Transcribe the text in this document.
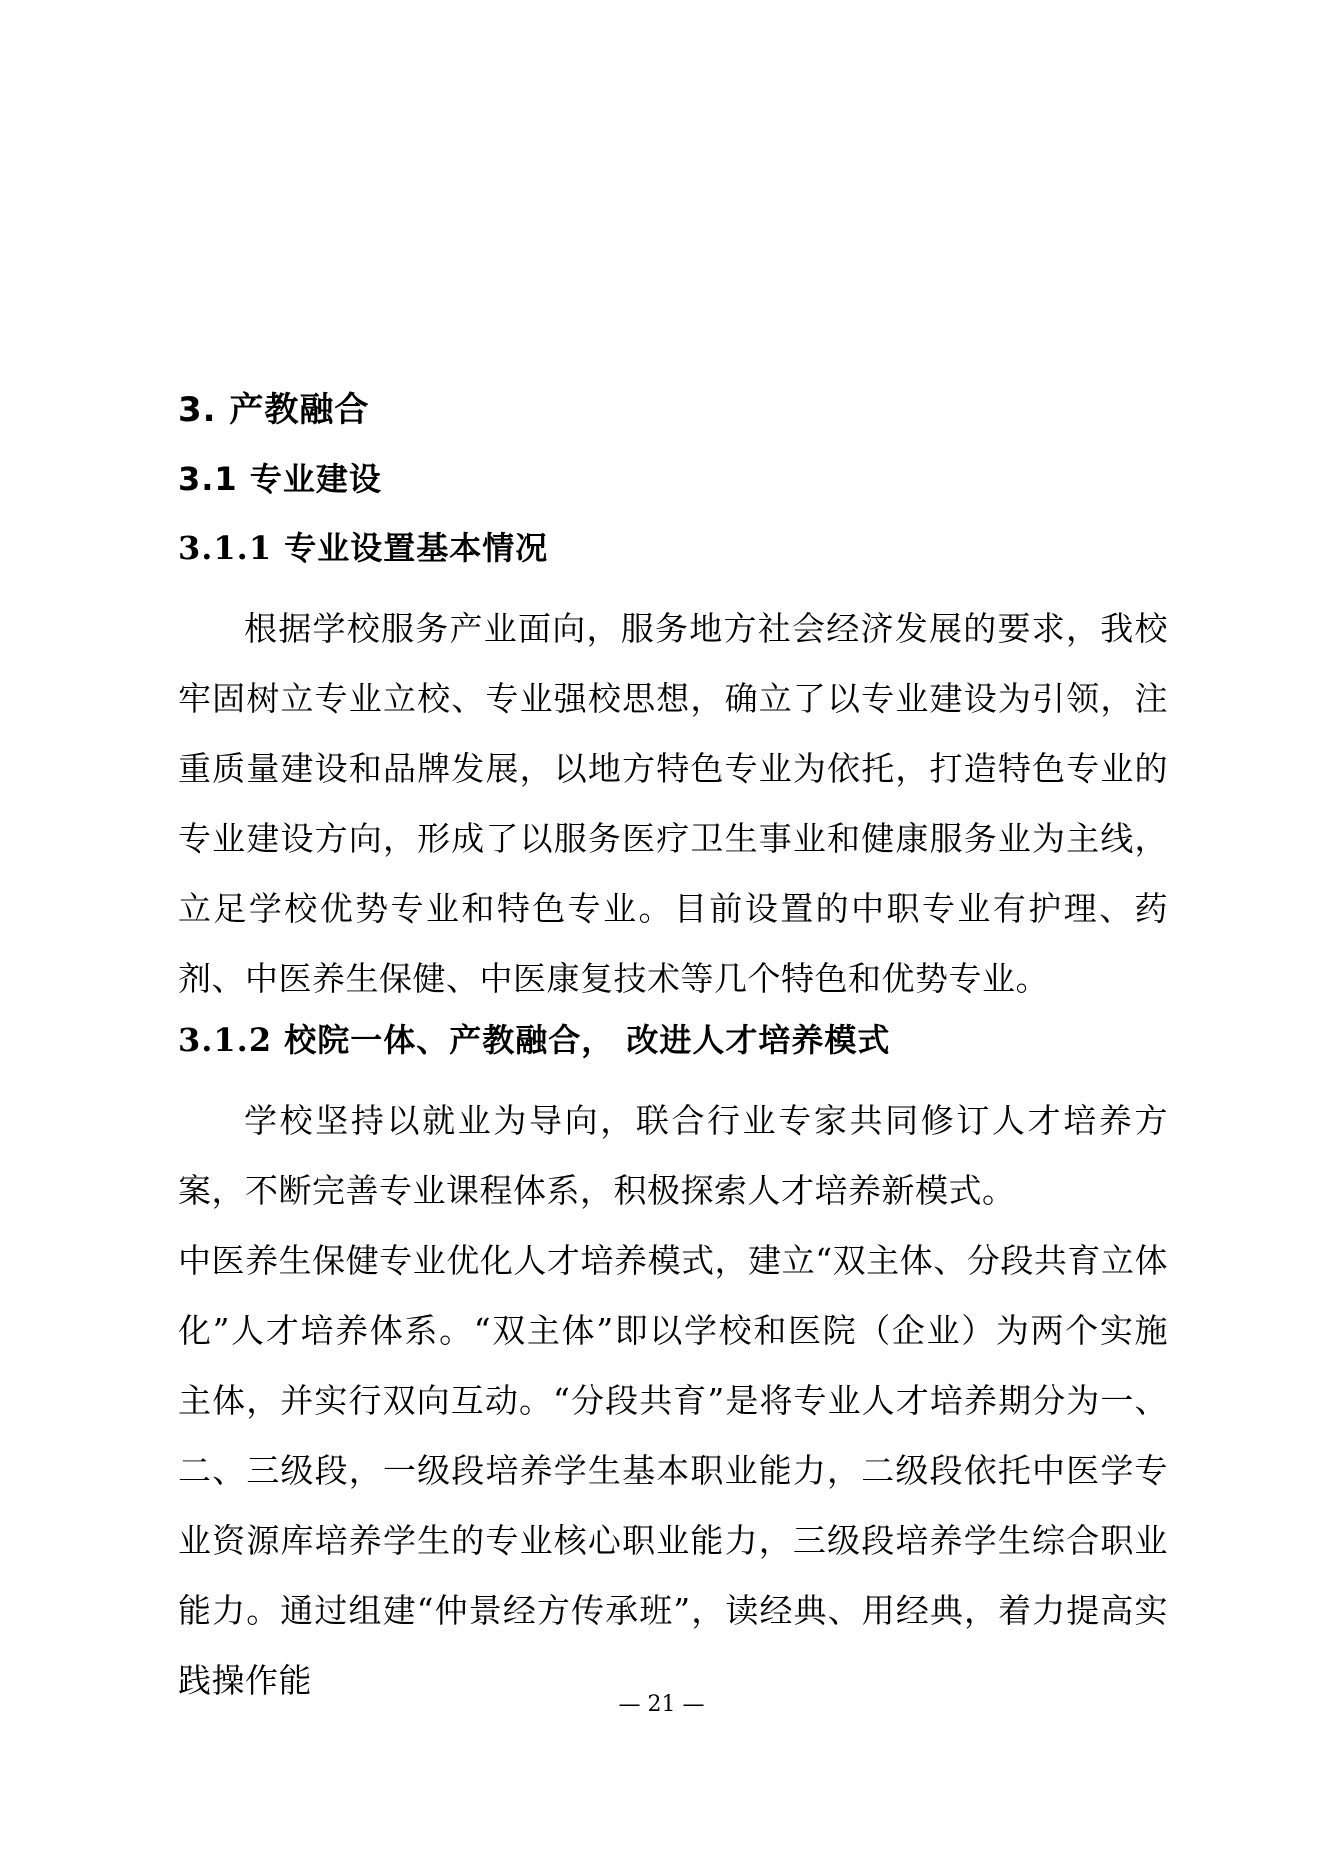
3. 产教融合
3.1 专业建设
3.1.1 专业设置基本情况

根据学校服务产业面向，服务地方社会经济发展的要求，我校牢固树立专业立校、专业强校思想，确立了以专业建设为引领，注重质量建设和品牌发展，以地方特色专业为依托，打造特色专业的专业建设方向，形成了以服务医疗卫生事业和健康服务业为主线，立足学校优势专业和特色专业。目前设置的中职专业有护理、药剂、中医养生保健、中医康复技术等几个特色和优势专业。

3.1.2 校院一体、产教融合， 改进人才培养模式

学校坚持以就业为导向，联合行业专家共同修订人才培养方案，不断完善专业课程体系，积极探索人才培养新模式。

中医养生保健专业优化人才培养模式，建立“双主体、分段共育立体化”人才培养体系。“双主体”即以学校和医院（企业）为两个实施主体，并实行双向互动。“分段共育”是将专业人才培养期分为一、二、三级段，一级段培养学生基本职业能力，二级段依托中医学专业资源库培养学生的专业核心职业能力，三级段培养学生综合职业能力。通过组建“仲景经方传承班”，读经典、用经典，着力提高实践操作能

— 21 —
